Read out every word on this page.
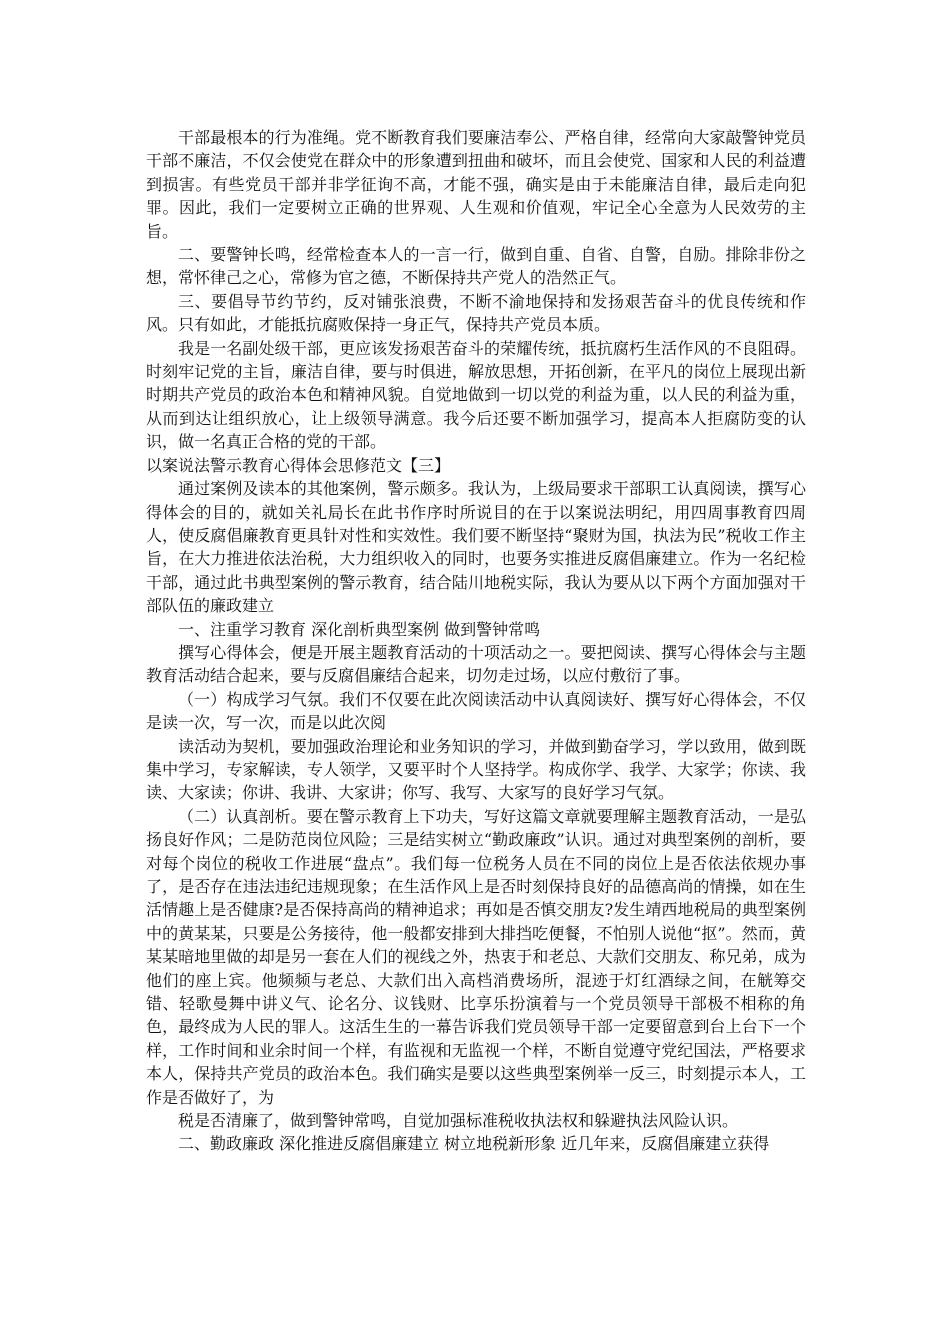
干部最根本的行为准绳。党不断教育我们要廉洁奉公、严格自律，经常向大家敲警钟党员干部不廉洁，不仅会使党在群众中的形象遭到扭曲和破坏，而且会使党、国家和人民的利益遭到损害。有些党员干部并非学征询不高，才能不强，确实是由于未能廉洁自律，最后走向犯罪。因此，我们一定要树立正确的世界观、人生观和价值观，牢记全心全意为人民效劳的主旨。

二、要警钟长鸣，经常检查本人的一言一行，做到自重、自省、自警，自励。排除非份之想，常怀律己之心，常修为官之德，不断保持共产党人的浩然正气。

三、要倡导节约节约，反对铺张浪费，不断不渝地保持和发扬艰苦奋斗的优良传统和作风。只有如此，才能抵抗腐败保持一身正气，保持共产党员本质。

我是一名副处级干部，更应该发扬艰苦奋斗的荣耀传统，抵抗腐朽生活作风的不良阻碍。时刻牢记党的主旨，廉洁自律，要与时俱进，解放思想，开拓创新，在平凡的岗位上展现出新时期共产党员的政治本色和精神风貌。自觉地做到一切以党的利益为重，以人民的利益为重，从而到达让组织放心，让上级领导满意。我今后还要不断加强学习，提高本人拒腐防变的认识，做一名真正合格的党的干部。

以案说法警示教育心得体会思修范文【三】

通过案例及读本的其他案例，警示颇多。我认为，上级局要求干部职工认真阅读，撰写心得体会的目的，就如关礼局长在此书作序时所说目的在于以案说法明纪，用四周事教育四周人，使反腐倡廉教育更具针对性和实效性。我们要不断坚持“聚财为国，执法为民”税收工作主旨，在大力推进依法治税，大力组织收入的同时，也要务实推进反腐倡廉建立。作为一名纪检干部，通过此书典型案例的警示教育，结合陆川地税实际，我认为要从以下两个方面加强对干部队伍的廉政建立

一、注重学习教育 深化剖析典型案例 做到警钟常鸣

撰写心得体会，便是开展主题教育活动的十项活动之一。要把阅读、撰写心得体会与主题教育活动结合起来，要与反腐倡廉结合起来，切勿走过场，以应付敷衍了事。

（一）构成学习气氛。我们不仅要在此次阅读活动中认真阅读好、撰写好心得体会，不仅是读一次，写一次，而是以此次阅

读活动为契机，要加强政治理论和业务知识的学习，并做到勤奋学习，学以致用，做到既集中学习，专家解读，专人领学，又要平时个人坚持学。构成你学、我学、大家学；你读、我读、大家读；你讲、我讲、大家讲；你写、我写、大家写的良好学习气氛。

（二）认真剖析。要在警示教育上下功夫，写好这篇文章就要理解主题教育活动，一是弘扬良好作风；二是防范岗位风险；三是结实树立“勤政廉政”认识。通过对典型案例的剖析，要对每个岗位的税收工作进展“盘点”。我们每一位税务人员在不同的岗位上是否依法依规办事了，是否存在违法违纪违规现象；在生活作风上是否时刻保持良好的品德高尚的情操，如在生活情趣上是否健康?是否保持高尚的精神追求；再如是否慎交朋友?发生靖西地税局的典型案例中的黄某某，只要是公务接待，他一般都安排到大排挡吃便餐，不怕别人说他“抠”。然而，黄某某暗地里做的却是另一套在人们的视线之外，热衷于和老总、大款们交朋友、称兄弟，成为他们的座上宾。他频频与老总、大款们出入高档消费场所，混迹于灯红酒绿之间，在觥筹交错、轻歌曼舞中讲义气、论名分、议钱财、比享乐扮演着与一个党员领导干部极不相称的角色，最终成为人民的罪人。这活生生的一幕告诉我们党员领导干部一定要留意到台上台下一个样，工作时间和业余时间一个样，有监视和无监视一个样，不断自觉遵守党纪国法，严格要求本人，保持共产党员的政治本色。我们确实是要以这些典型案例举一反三，时刻提示本人，工作是否做好了，为

税是否清廉了，做到警钟常鸣，自觉加强标准税收执法权和躲避执法风险认识。

二、勤政廉政 深化推进反腐倡廉建立 树立地税新形象 近几年来，反腐倡廉建立获得
